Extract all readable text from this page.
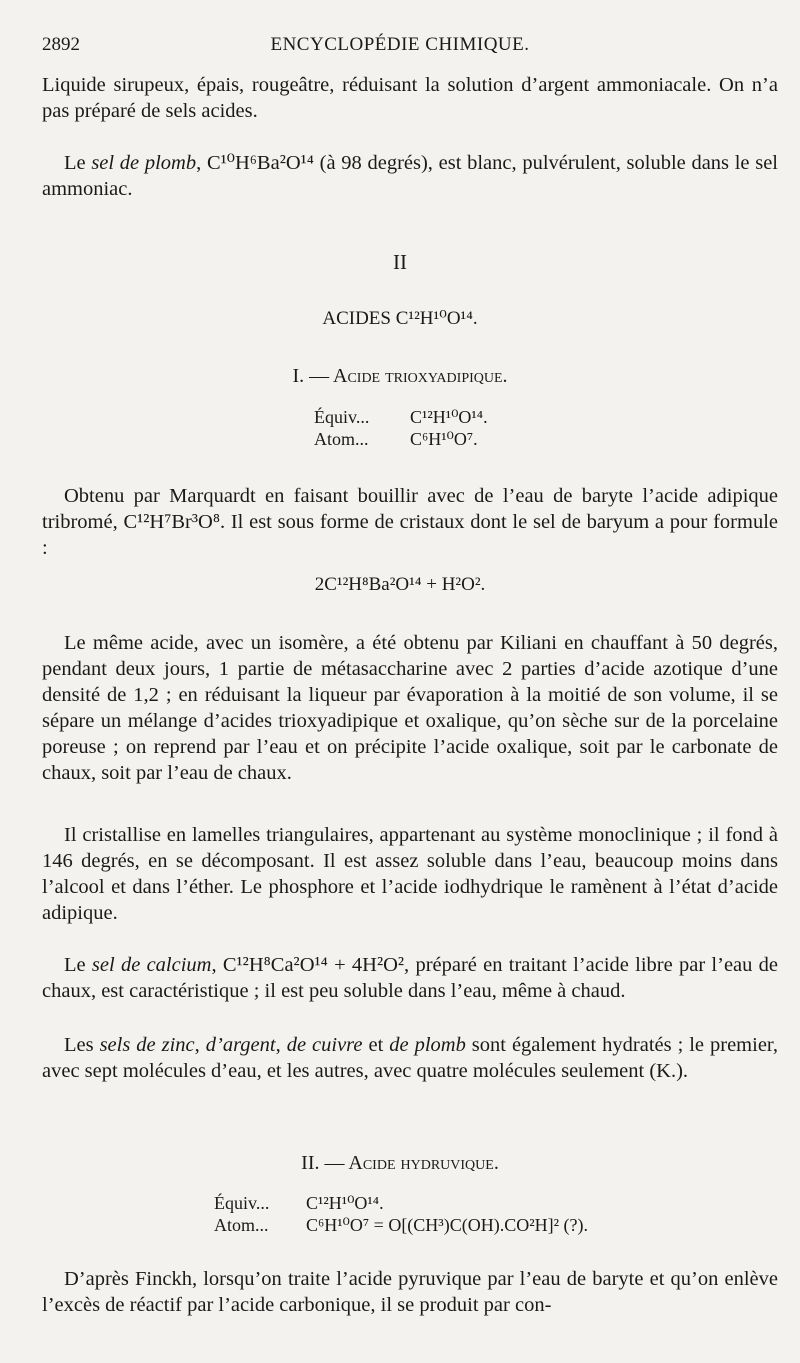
2892	ENCYCLOPÉDIE CHIMIQUE.

Liquide sirupeux, épais, rougeâtre, réduisant la solution d’argent ammoniacale. On n’a pas préparé de sels acides.

Le sel de plomb, C¹⁰H⁶Ba²O¹⁴ (à 98 degrés), est blanc, pulvérulent, soluble dans le sel ammoniac.

II
ACIDES C¹²H¹⁰O¹⁴.
I. — Acide trioxyadipique.
Équiv... C¹²H¹⁰O¹⁴.
Atom... C⁶H¹⁰O⁷.

Obtenu par Marquardt en faisant bouillir avec de l’eau de baryte l’acide adipique tribromé, C¹²H⁷Br³O⁸. Il est sous forme de cristaux dont le sel de baryum a pour formule :

2C¹²H⁸Ba²O¹⁴ + H²O².

Le même acide, avec un isomère, a été obtenu par Kiliani en chauffant à 50 degrés, pendant deux jours, 1 partie de métasaccharine avec 2 parties d’acide azotique d’une densité de 1,2 ; en réduisant la liqueur par évaporation à la moitié de son volume, il se sépare un mélange d’acides trioxyadipique et oxalique, qu’on sèche sur de la porcelaine poreuse ; on reprend par l’eau et on précipite l’acide oxalique, soit par le carbonate de chaux, soit par l’eau de chaux.

Il cristallise en lamelles triangulaires, appartenant au système monoclinique ; il fond à 146 degrés, en se décomposant. Il est assez soluble dans l’eau, beaucoup moins dans l’alcool et dans l’éther. Le phosphore et l’acide iodhydrique le ramènent à l’état d’acide adipique.

Le sel de calcium, C¹²H⁸Ca²O¹⁴ + 4H²O², préparé en traitant l’acide libre par l’eau de chaux, est caractéristique ; il est peu soluble dans l’eau, même à chaud.

Les sels de zinc, d’argent, de cuivre et de plomb sont également hydratés ; le premier, avec sept molécules d’eau, et les autres, avec quatre molécules seulement (K.).

II. — Acide hydruvique.
Équiv... C¹²H¹⁰O¹⁴.
Atom... C⁶H¹⁰O⁷ = O[(CH³)C(OH).CO²H]² (?).

D’après Finckh, lorsqu’on traite l’acide pyruvique par l’eau de baryte et qu’on enlève l’excès de réactif par l’acide carbonique, il se produit par con-
